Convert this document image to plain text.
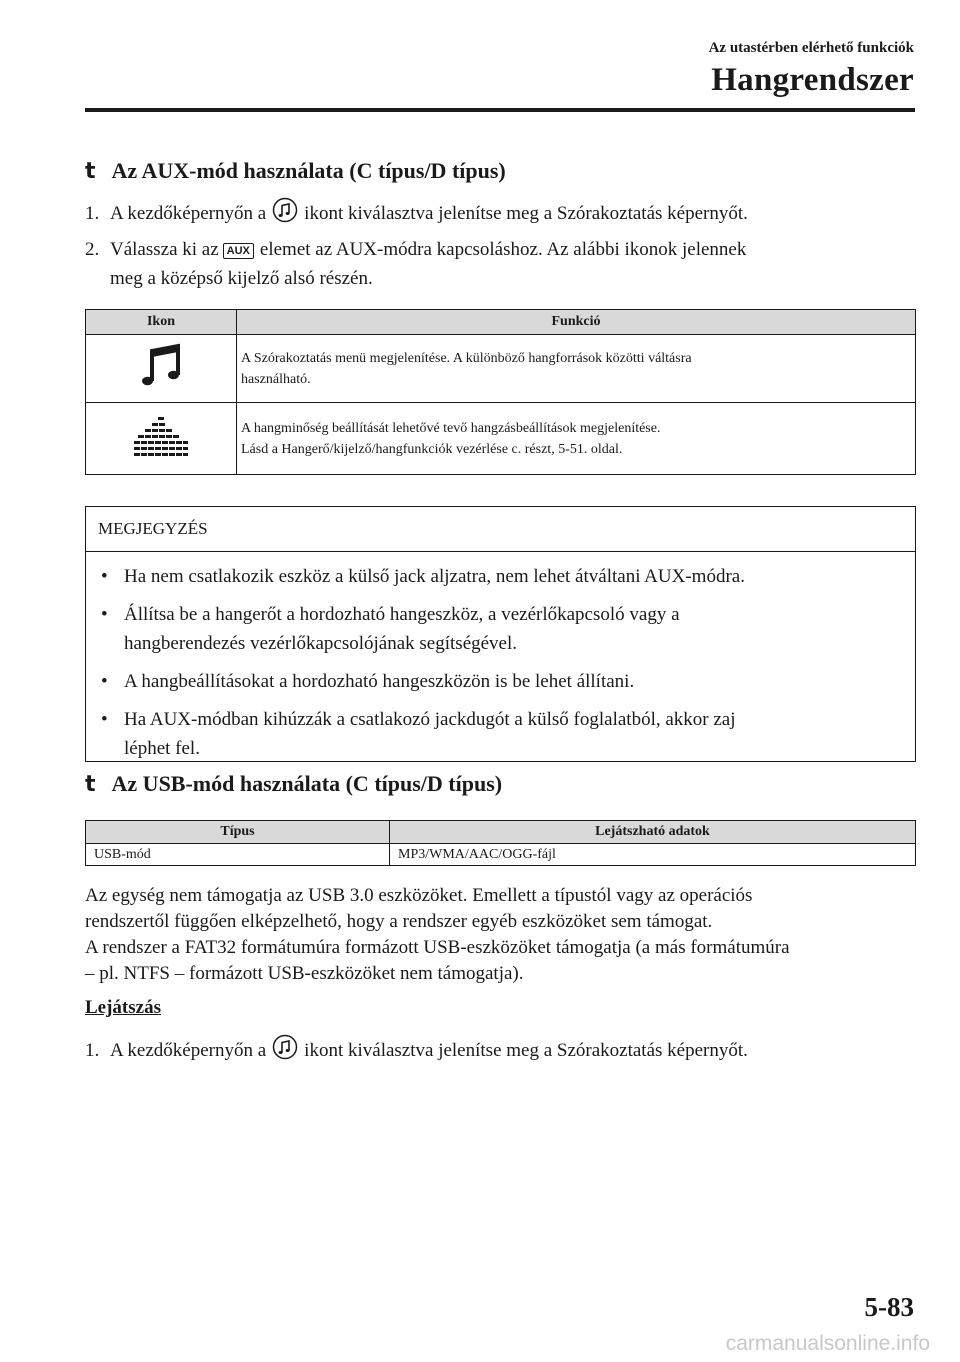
Az utastérben elérhető funkciók
Hangrendszer
t Az AUX-mód használata (C típus/D típus)
1. A kezdőképernyőn a ikont kiválasztva jelenítse meg a Szórakoztatás képernyőt.
2. Válassza ki az AUX elemet az AUX-módra kapcsoláshoz. Az alábbi ikonok jelennek
meg a középső kijelző alsó részén.
Ikon	Funkció

A Szórakoztatás menü megjelenítése. A különböző hangforrások közötti váltásra
használható.

A hangminőség beállítását lehetővé tevő hangzásbeállítások megjelenítése.
Lásd a Hangerő/kijelző/hangfunkciók vezérlése c. részt, 5-51. oldal.
MEGJEGYZÉS
• Ha nem csatlakozik eszköz a külső jack aljzatra, nem lehet átváltani AUX-módra.
• Állítsa be a hangerőt a hordozható hangeszköz, a vezérlőkapcsoló vagy a
hangberendezés vezérlőkapcsolójának segítségével.
• A hangbeállításokat a hordozható hangeszközön is be lehet állítani.
• Ha AUX-módban kihúzzák a csatlakozó jackdugót a külső foglalatból, akkor zaj
léphet fel.
t Az USB-mód használata (C típus/D típus)
Típus	Lejátszható adatok
USB-mód	MP3/WMA/AAC/OGG-fájl
Az egység nem támogatja az USB 3.0 eszközöket. Emellett a típustól vagy az operációs
rendszertől függően elképzelhető, hogy a rendszer egyéb eszközöket sem támogat.
A rendszer a FAT32 formátumúra formázott USB-eszközöket támogatja (a más formátumúra
– pl. NTFS – formázott USB-eszközöket nem támogatja).
Lejátszás
1. A kezdőképernyőn a ikont kiválasztva jelenítse meg a Szórakoztatás képernyőt.
5-83
carmanualsonline.info
